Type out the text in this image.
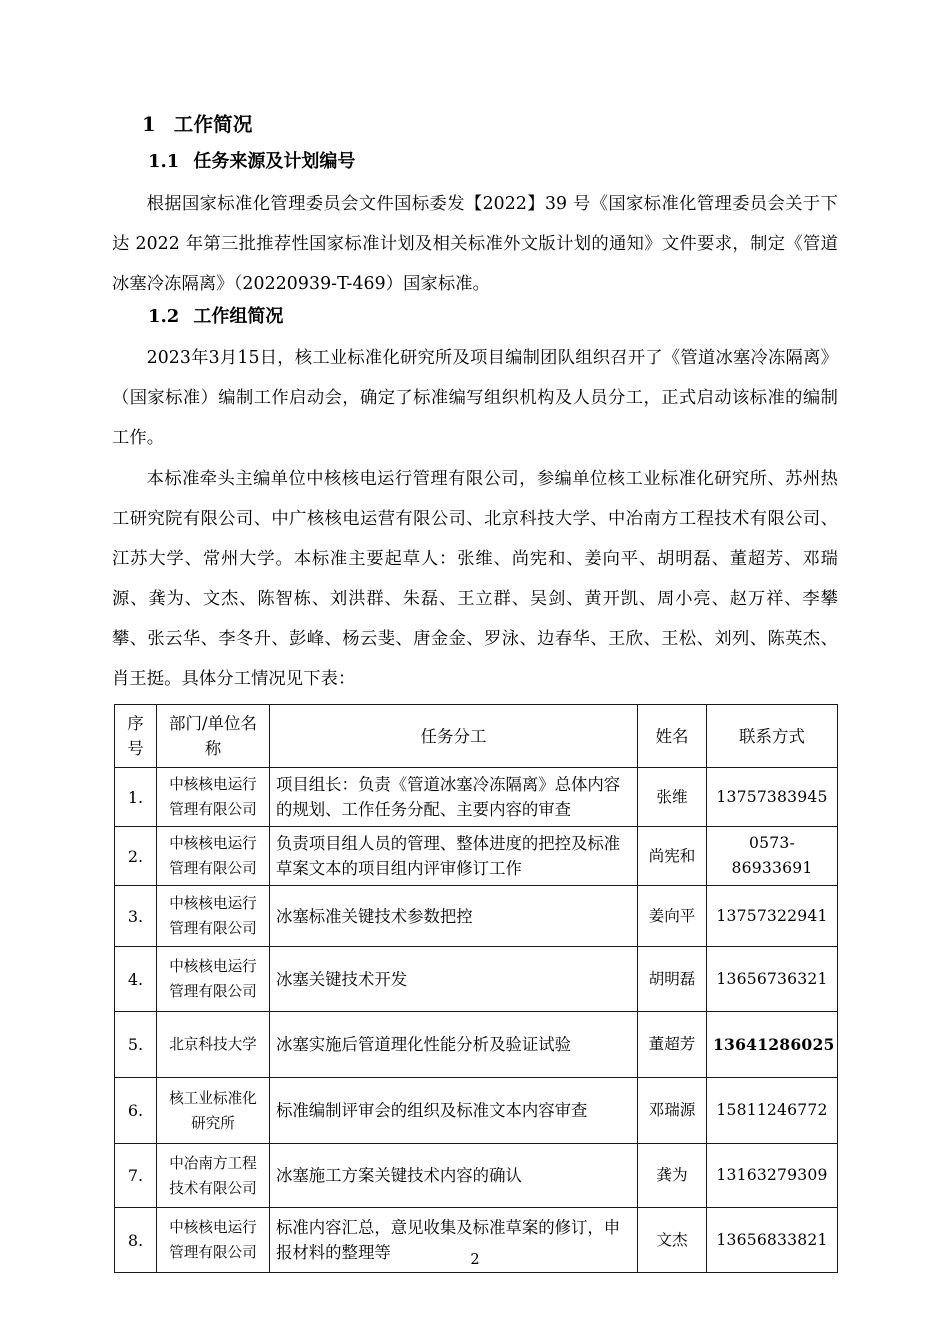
1 工作简况
1.1 任务来源及计划编号

根据国家标准化管理委员会文件国标委发【2022】39 号《国家标准化管理委员会关于下达 2022 年第三批推荐性国家标准计划及相关标准外文版计划的通知》文件要求，制定《管道冰塞冷冻隔离》（20220939-T-469）国家标准。

1.2 工作组简况

2023年3月15日，核工业标准化研究所及项目编制团队组织召开了《管道冰塞冷冻隔离》（国家标准）编制工作启动会，确定了标准编写组织机构及人员分工，正式启动该标准的编制工作。

本标准牵头主编单位中核核电运行管理有限公司，参编单位核工业标准化研究所、苏州热工研究院有限公司、中广核核电运营有限公司、北京科技大学、中冶南方工程技术有限公司、江苏大学、常州大学。本标准主要起草人：张维、尚宪和、姜向平、胡明磊、董超芳、邓瑞源、龚为、文杰、陈智栋、刘洪群、朱磊、王立群、吴剑、黄开凯、周小亮、赵万祥、李攀攀、张云华、李冬升、彭峰、杨云斐、唐金金、罗泳、边春华、王欣、王松、刘列、陈英杰、肖王挺。具体分工情况见下表：

序号	部门/单位名称	任务分工	姓名	联系方式
1.	中核核电运行管理有限公司	项目组长：负责《管道冰塞冷冻隔离》总体内容的规划、工作任务分配、主要内容的审查	张维	13757383945
2.	中核核电运行管理有限公司	负责项目组人员的管理、整体进度的把控及标准草案文本的项目组内评审修订工作	尚宪和	0573-86933691
3.	中核核电运行管理有限公司	冰塞标准关键技术参数把控	姜向平	13757322941
4.	中核核电运行管理有限公司	冰塞关键技术开发	胡明磊	13656736321
5.	北京科技大学	冰塞实施后管道理化性能分析及验证试验	董超芳	13641286025
6.	核工业标准化研究所	标准编制评审会的组织及标准文本内容审查	邓瑞源	15811246772
7.	中冶南方工程技术有限公司	冰塞施工方案关键技术内容的确认	龚为	13163279309
8.	中核核电运行管理有限公司	标准内容汇总，意见收集及标准草案的修订，申报材料的整理等	文杰	13656833821
2
